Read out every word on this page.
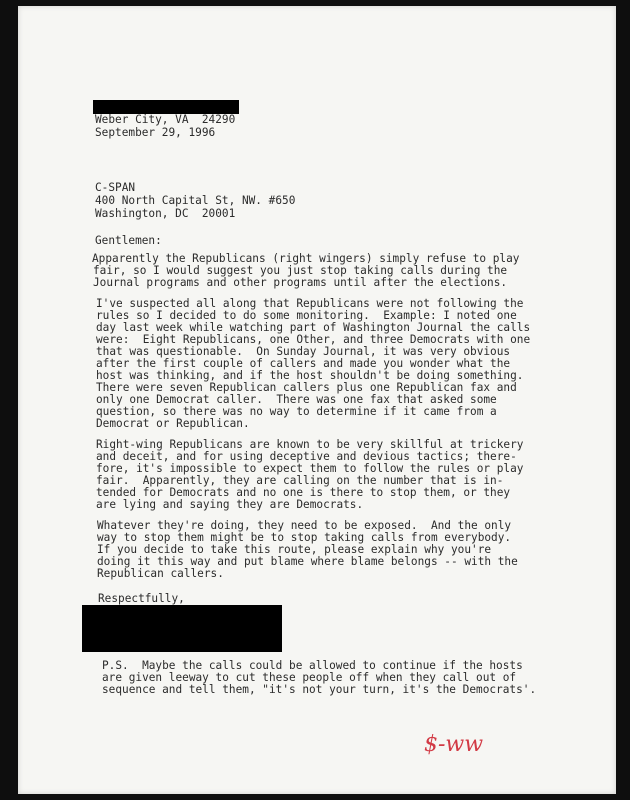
Weber City, VA  24290
September 29, 1996
C-SPAN
400 North Capital St, NW. #650
Washington, DC  20001
Gentlemen:
Apparently the Republicans (right wingers) simply refuse to play
fair, so I would suggest you just stop taking calls during the
Journal programs and other programs until after the elections.
I've suspected all along that Republicans were not following the
rules so I decided to do some monitoring.  Example: I noted one
day last week while watching part of Washington Journal the calls
were:  Eight Republicans, one Other, and three Democrats with one
that was questionable.  On Sunday Journal, it was very obvious
after the first couple of callers and made you wonder what the
host was thinking, and if the host shouldn't be doing something.
There were seven Republican callers plus one Republican fax and
only one Democrat caller.  There was one fax that asked some
question, so there was no way to determine if it came from a
Democrat or Republican.
Right-wing Republicans are known to be very skillful at trickery
and deceit, and for using deceptive and devious tactics; there-
fore, it's impossible to expect them to follow the rules or play
fair.  Apparently, they are calling on the number that is in-
tended for Democrats and no one is there to stop them, or they
are lying and saying they are Democrats.
Whatever they're doing, they need to be exposed.  And the only
way to stop them might be to stop taking calls from everybody.
If you decide to take this route, please explain why you're
doing it this way and put blame where blame belongs -- with the
Republican callers.
Respectfully,
P.S.  Maybe the calls could be allowed to continue if the hosts
are given leeway to cut these people off when they call out of
sequence and tell them, "it's not your turn, it's the Democrats'.
$-ww
